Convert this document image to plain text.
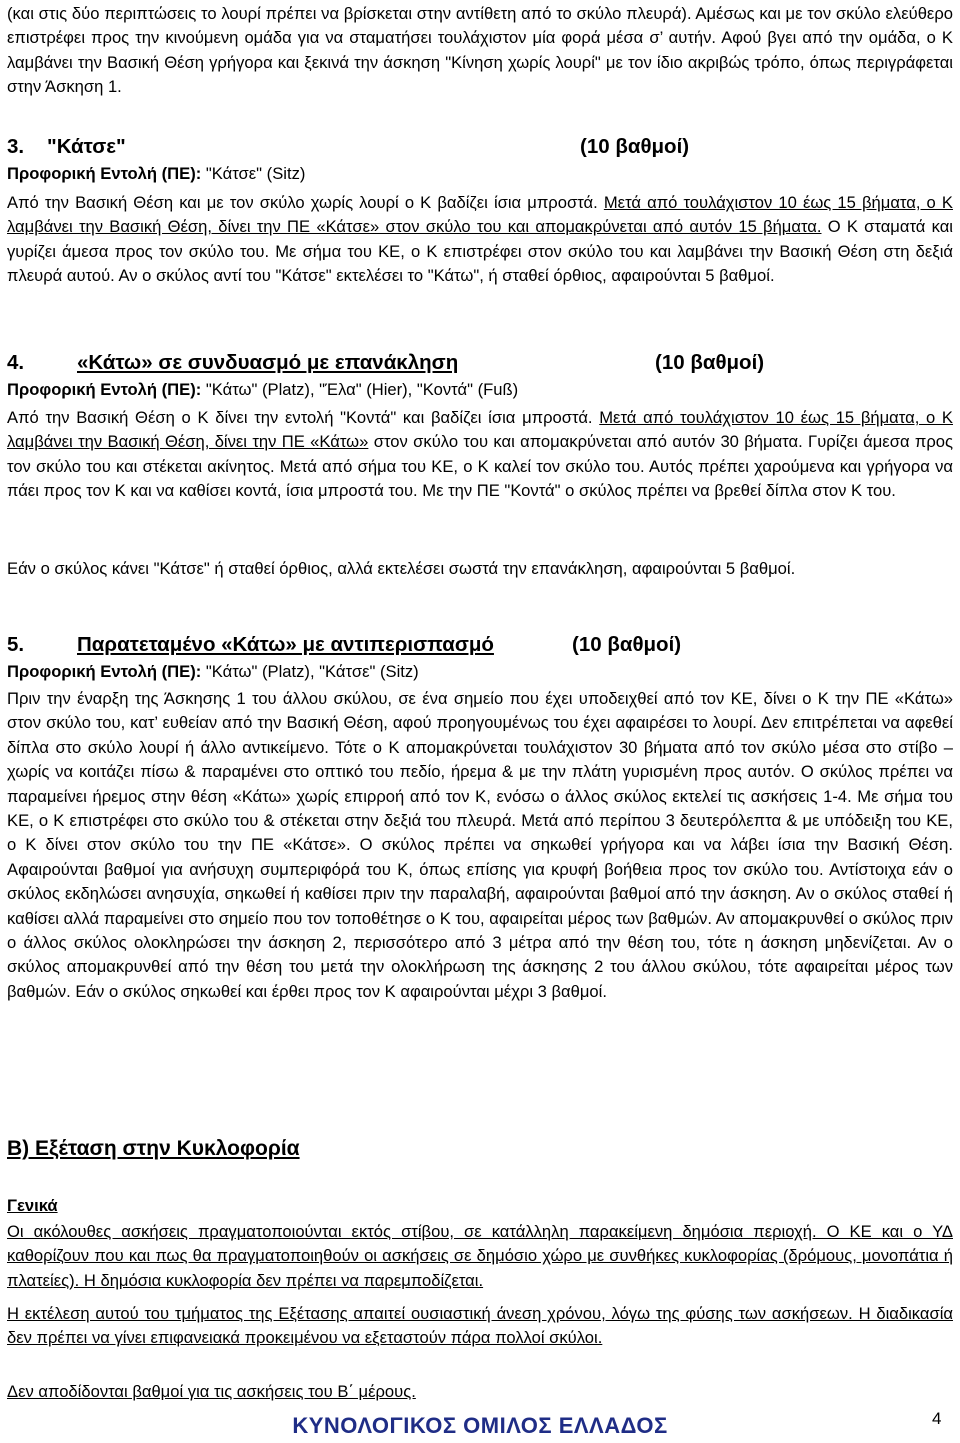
(και στις δύο περιπτώσεις το λουρί πρέπει να βρίσκεται στην αντίθετη από το σκύλο πλευρά). Αμέσως και με τον σκύλο ελεύθερο επιστρέφει προς την κινούμενη ομάδα για να σταματήσει τουλάχιστον μία φορά μέσα σ’ αυτήν. Αφού βγει από την ομάδα, ο Κ λαμβάνει την Βασική Θέση γρήγορα και ξεκινά την άσκηση "Κίνηση χωρίς λουρί" με τον ίδιο ακριβώς τρόπο, όπως περιγράφεται στην Άσκηση 1.

3. "Κάτσε"	(10 βαθμοί)
Προφορική Εντολή (ΠΕ): "Κάτσε" (Sitz)

Από την Βασική Θέση και με τον σκύλο χωρίς λουρί ο Κ βαδίζει ίσια μπροστά. Μετά από τουλάχιστον 10 έως 15 βήματα, ο Κ λαμβάνει την Βασική Θέση, δίνει την ΠΕ «Κάτσε» στον σκύλο του και απομακρύνεται από αυτόν 15 βήματα. Ο Κ σταματά και γυρίζει άμεσα προς τον σκύλο του. Με σήμα του ΚΕ, ο Κ επιστρέφει στον σκύλο του και λαμβάνει την Βασική Θέση στη δεξιά πλευρά αυτού. Αν ο σκύλος αντί του "Κάτσε" εκτελέσει το "Κάτω", ή σταθεί όρθιος, αφαιρούνται 5 βαθμοί.

4.	«Κάτω» σε συνδυασμό με επανάκληση	(10 βαθμοί)
Προφορική Εντολή (ΠΕ): "Κάτω" (Platz), "Έλα" (Hier), "Κοντά" (Fuß)

Από την Βασική Θέση ο Κ δίνει την εντολή "Κοντά" και βαδίζει ίσια μπροστά. Μετά από τουλάχιστον 10 έως 15 βήματα, ο Κ λαμβάνει την Βασική Θέση, δίνει την ΠΕ «Κάτω» στον σκύλο του και απομακρύνεται από αυτόν 30 βήματα. Γυρίζει άμεσα προς τον σκύλο του και στέκεται ακίνητος. Μετά από σήμα του ΚΕ, ο Κ καλεί τον σκύλο του. Αυτός πρέπει χαρούμενα και γρήγορα να πάει προς τον Κ και να καθίσει κοντά, ίσια μπροστά του. Με την ΠΕ "Κοντά" ο σκύλος πρέπει να βρεθεί δίπλα στον Κ του.

Εάν ο σκύλος κάνει "Κάτσε" ή σταθεί όρθιος, αλλά εκτελέσει σωστά την επανάκληση, αφαιρούνται 5 βαθμοί.

5.	Παρατεταμένο «Κάτω» με αντιπερισπασμό	(10 βαθμοί)
Προφορική Εντολή (ΠΕ): "Κάτω" (Platz), "Κάτσε" (Sitz)

Πριν την έναρξη της Άσκησης 1 του άλλου σκύλου, σε ένα σημείο που έχει υποδειχθεί από τον ΚΕ, δίνει ο Κ την ΠΕ «Κάτω» στον σκύλο του, κατ’ ευθείαν από την Βασική Θέση, αφού προηγουμένως του έχει αφαιρέσει το λουρί. Δεν επιτρέπεται να αφεθεί δίπλα στο σκύλο λουρί ή άλλο αντικείμενο. Τότε ο Κ απομακρύνεται τουλάχιστον 30 βήματα από τον σκύλο μέσα στο στίβο – χωρίς να κοιτάζει πίσω & παραμένει στο οπτικό του πεδίο, ήρεμα & με την πλάτη γυρισμένη προς αυτόν. Ο σκύλος πρέπει να παραμείνει ήρεμος στην θέση «Κάτω» χωρίς επιρροή από τον Κ, ενόσω ο άλλος σκύλος εκτελεί τις ασκήσεις 1-4. Με σήμα του ΚΕ, ο Κ επιστρέφει στο σκύλο του & στέκεται στην δεξιά του πλευρά. Μετά από περίπου 3 δευτερόλεπτα & με υπόδειξη του ΚΕ, ο Κ δίνει στον σκύλο του την ΠΕ «Κάτσε». Ο σκύλος πρέπει να σηκωθεί γρήγορα και να λάβει ίσια την Βασική Θέση. Αφαιρούνται βαθμοί για ανήσυχη συμπεριφόρά του Κ, όπως επίσης για κρυφή βοήθεια προς τον σκύλο του. Αντίστοιχα εάν ο σκύλος εκδηλώσει ανησυχία, σηκωθεί ή καθίσει πριν την παραλαβή, αφαιρούνται βαθμοί από την άσκηση. Αν ο σκύλος σταθεί ή καθίσει αλλά παραμείνει στο σημείο που τον τοποθέτησε ο Κ του, αφαιρείται μέρος των βαθμών. Αν απομακρυνθεί ο σκύλος πριν ο άλλος σκύλος ολοκληρώσει την άσκηση 2, περισσότερο από 3 μέτρα από την θέση του, τότε η άσκηση μηδενίζεται. Αν ο σκύλος απομακρυνθεί από την θέση του μετά την ολοκλήρωση της άσκησης 2 του άλλου σκύλου, τότε αφαιρείται μέρος των βαθμών. Εάν ο σκύλος σηκωθεί και έρθει προς τον Κ αφαιρούνται μέχρι 3 βαθμοί.

Β) Εξέταση στην Κυκλοφορία
Γενικά

Οι ακόλουθες ασκήσεις πραγματοποιούνται εκτός στίβου, σε κατάλληλη παρακείμενη δημόσια περιοχή. Ο ΚΕ και ο ΥΔ καθορίζουν που και πως θα πραγματοποιηθούν οι ασκήσεις σε δημόσιο χώρο με συνθήκες κυκλοφορίας (δρόμους, μονοπάτια ή πλατείες). Η δημόσια κυκλοφορία δεν πρέπει να παρεμποδίζεται.

Η εκτέλεση αυτού του τμήματος της Εξέτασης απαιτεί ουσιαστική άνεση χρόνου, λόγω της φύσης των ασκήσεων. Η διαδικασία δεν πρέπει να γίνει επιφανειακά προκειμένου να εξεταστούν πάρα πολλοί σκύλοι.

Δεν αποδίδονται βαθμοί για τις ασκήσεις του Β΄ μέρους.

ΚΥΝΟΛΟΓΙΚΟΣ ΟΜΙΛΟΣ ΕΛΛΑΔΟΣ	4
